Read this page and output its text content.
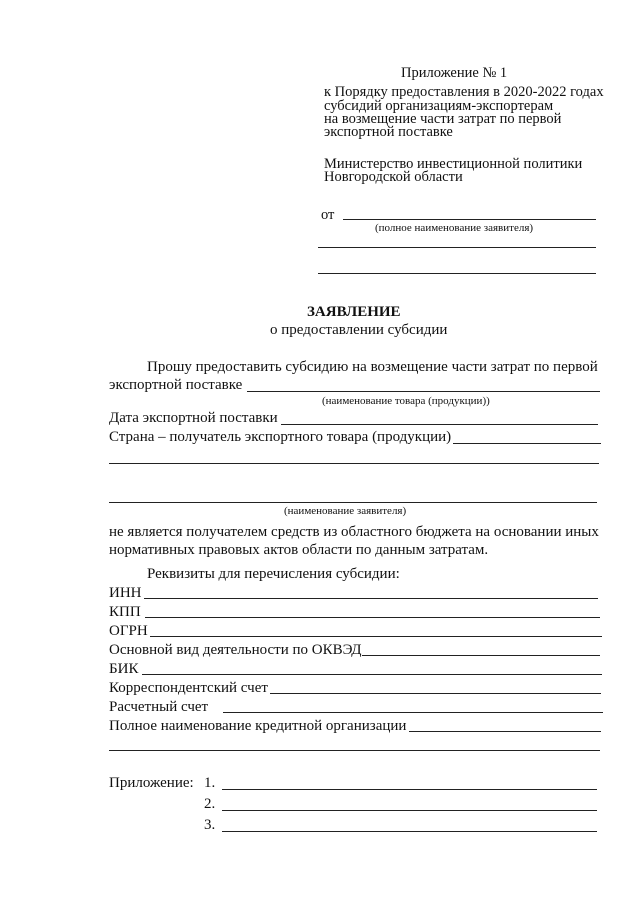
Приложение № 1
к Порядку предоставления в 2020-2022 годах
субсидий организациям-экспортерам
на возмещение части затрат по первой
экспортной поставке
Министерство инвестиционной политики
Новгородской области
от
(полное наименование заявителя)
ЗАЯВЛЕНИЕ
о предоставлении субсидии
Прошу предоставить субсидию на возмещение части затрат по первой
экспортной поставке
(наименование товара (продукции))
Дата экспортной поставки
Страна – получатель экспортного товара (продукции)
(наименование заявителя)
не является получателем средств из областного бюджета на основании иных
нормативных правовых актов области по данным затратам.
Реквизиты для перечисления субсидии:
ИНН
КПП
ОГРН
Основной вид деятельности по ОКВЭД
БИК
Корреспондентский счет
Расчетный счет
Полное наименование кредитной организации
Приложение: 1.
2.
3.
